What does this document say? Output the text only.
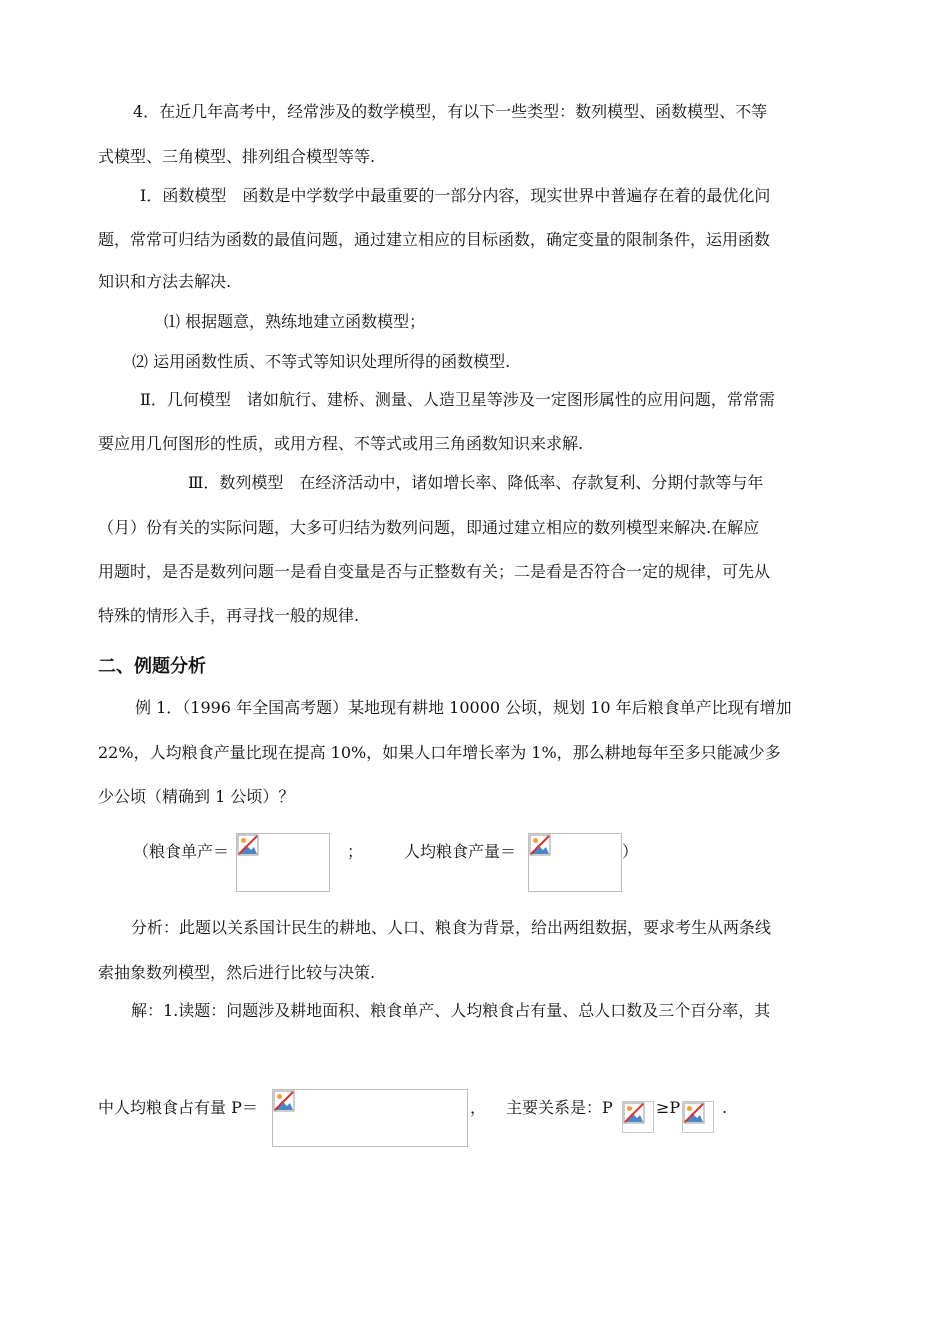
4．在近几年高考中，经常涉及的数学模型，有以下一些类型：数列模型、函数模型、不等
式模型、三角模型、排列组合模型等等.
Ⅰ．函数模型　函数是中学数学中最重要的一部分内容，现实世界中普遍存在着的最优化问
题，常常可归结为函数的最值问题，通过建立相应的目标函数，确定变量的限制条件，运用函数
知识和方法去解决.
⑴ 根据题意，熟练地建立函数模型；
⑵ 运用函数性质、不等式等知识处理所得的函数模型.
Ⅱ．几何模型　诸如航行、建桥、测量、人造卫星等涉及一定图形属性的应用问题，常常需
要应用几何图形的性质，或用方程、不等式或用三角函数知识来求解.
Ⅲ．数列模型　在经济活动中，诸如增长率、降低率、存款复利、分期付款等与年
（月）份有关的实际问题，大多可归结为数列问题，即通过建立相应的数列模型来解决.在解应
用题时，是否是数列问题一是看自变量是否与正整数有关；二是看是否符合一定的规律，可先从
特殊的情形入手，再寻找一般的规律.
二、例题分析
例 1．（1996 年全国高考题）某地现有耕地 10000 公顷，规划 10 年后粮食单产比现有增加
22%，人均粮食产量比现在提高 10%，如果人口年增长率为 1%，那么耕地每年至多只能减少多
少公顷（精确到 1 公顷）？
（粮食单产＝	；	人均粮食产量＝	）
分析：此题以关系国计民生的耕地、人口、粮食为背景，给出两组数据，要求考生从两条线
索抽象数列模型，然后进行比较与决策.
解：1.读题：问题涉及耕地面积、粮食单产、人均粮食占有量、总人口数及三个百分率，其
中人均粮食占有量 P＝	， 主要关系是：P	≥P	.
